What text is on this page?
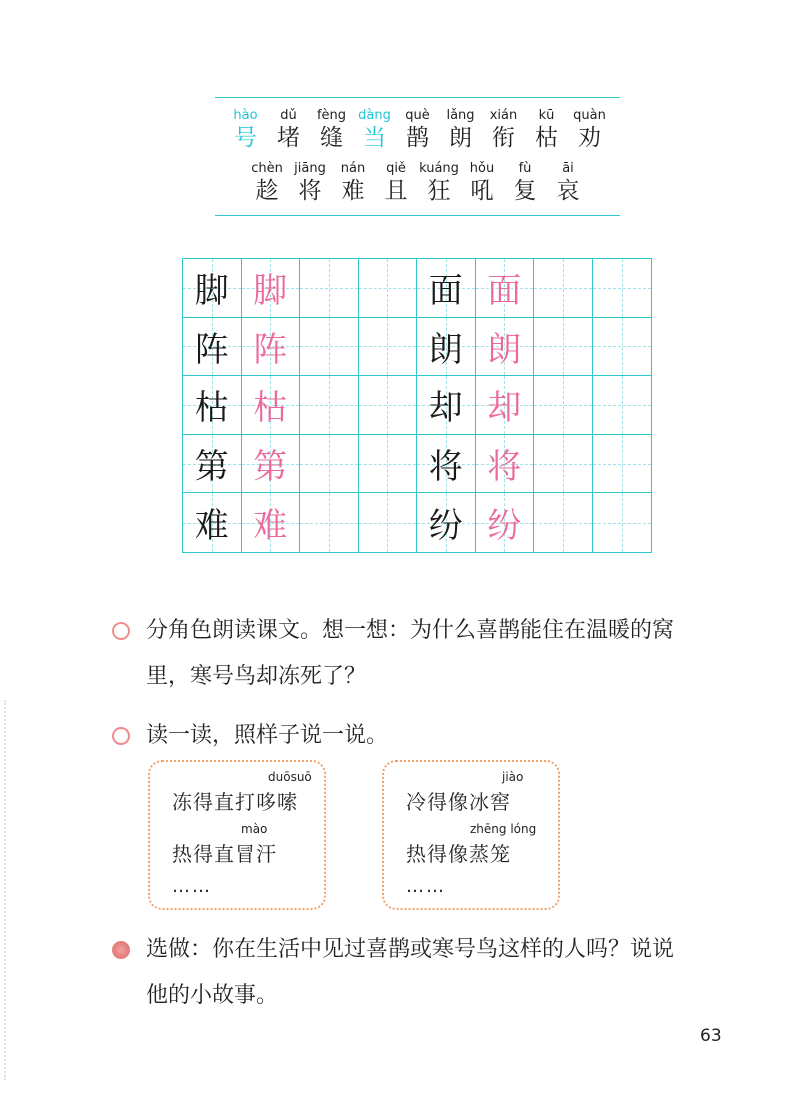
hào
号
dǔ
堵
fèng
缝
dàng
当
què
鹊
lǎng
朗
xián
衔
kū
枯
quàn
劝
chèn
趁
jiāng
将
nán
难
qiě
且
kuáng
狂
hǒu
吼
fù
复
āi
哀
脚 脚	面 面
阵 阵	朗 朗
枯 枯	却 却
第 第	将 将
难 难	纷 纷
分角色朗读课文。想一想：为什么喜鹊能住在温暖的窝
里，寒号鸟却冻死了？
读一读，照样子说一说。
duōsuō
冻得直打哆嗦
mào
热得直冒汗
……
jiào
冷得像冰窖
zhēng lóng
热得像蒸笼
……
选做：你在生活中见过喜鹊或寒号鸟这样的人吗？说说
他的小故事。
63
